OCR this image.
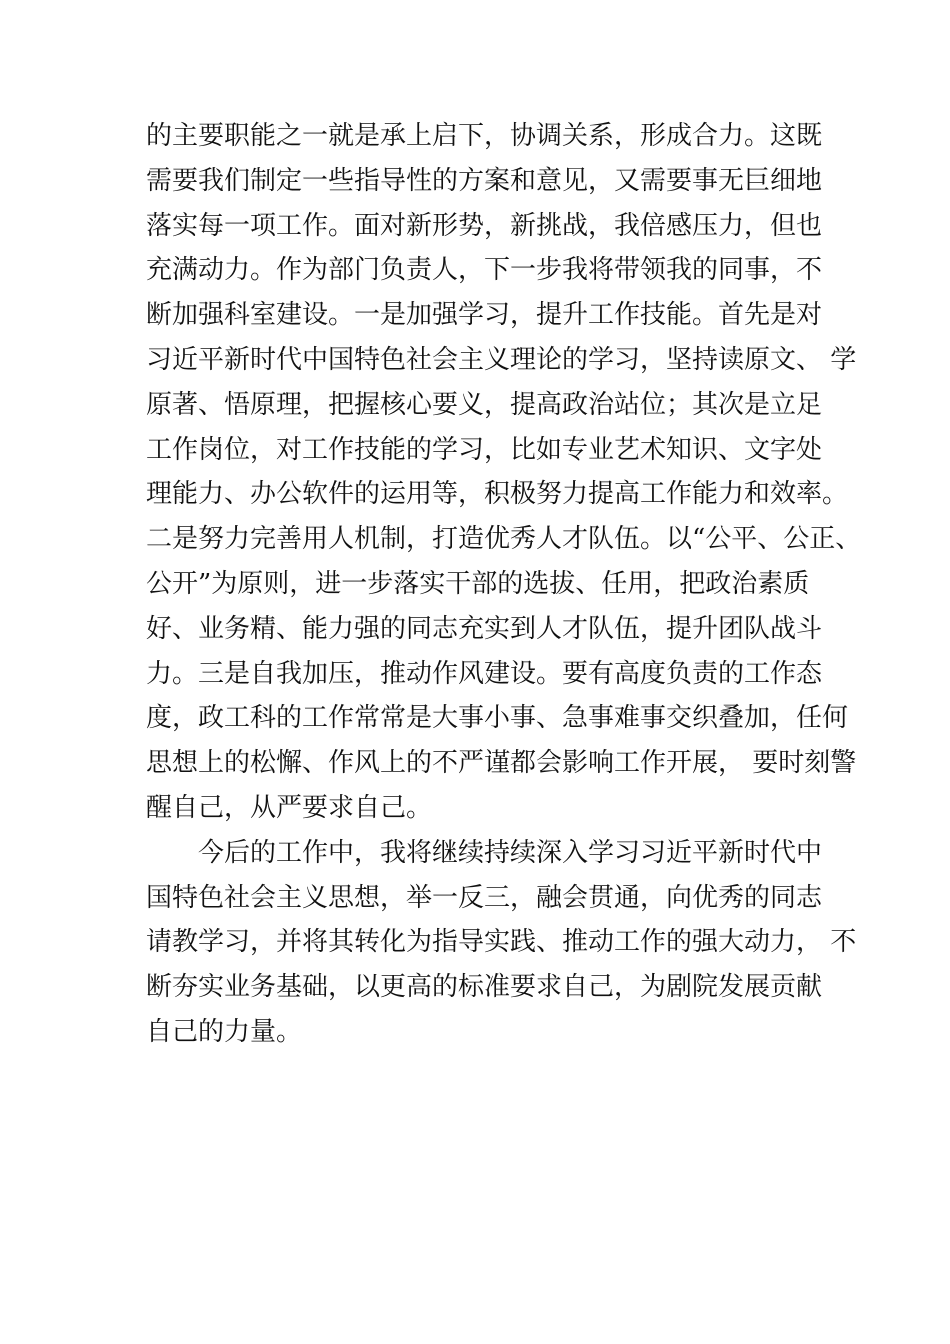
的主要职能之一就是承上启下，协调关系，形成合力。这既
需要我们制定一些指导性的方案和意见，又需要事无巨细地
落实每一项工作。面对新形势，新挑战，我倍感压力，但也
充满动力。作为部门负责人，下一步我将带领我的同事，不
断加强科室建设。一是加强学习，提升工作技能。首先是对
习近平新时代中国特色社会主义理论的学习，坚持读原文、 学
原著、悟原理，把握核心要义，提高政治站位；其次是立足
工作岗位，对工作技能的学习，比如专业艺术知识、文字处
理能力、办公软件的运用等，积极努力提高工作能力和效率。
二是努力完善用人机制，打造优秀人才队伍。以“公平、公正、
公开”为原则，进一步落实干部的选拔、任用，把政治素质
好、业务精、能力强的同志充实到人才队伍，提升团队战斗
力。三是自我加压，推动作风建设。要有高度负责的工作态
度，政工科的工作常常是大事小事、急事难事交织叠加，任何
思想上的松懈、作风上的不严谨都会影响工作开展， 要时刻警
醒自己，从严要求自己。
今后的工作中，我将继续持续深入学习习近平新时代中
国特色社会主义思想，举一反三，融会贯通，向优秀的同志
请教学习，并将其转化为指导实践、推动工作的强大动力， 不
断夯实业务基础，以更高的标准要求自己，为剧院发展贡献
自己的力量。
